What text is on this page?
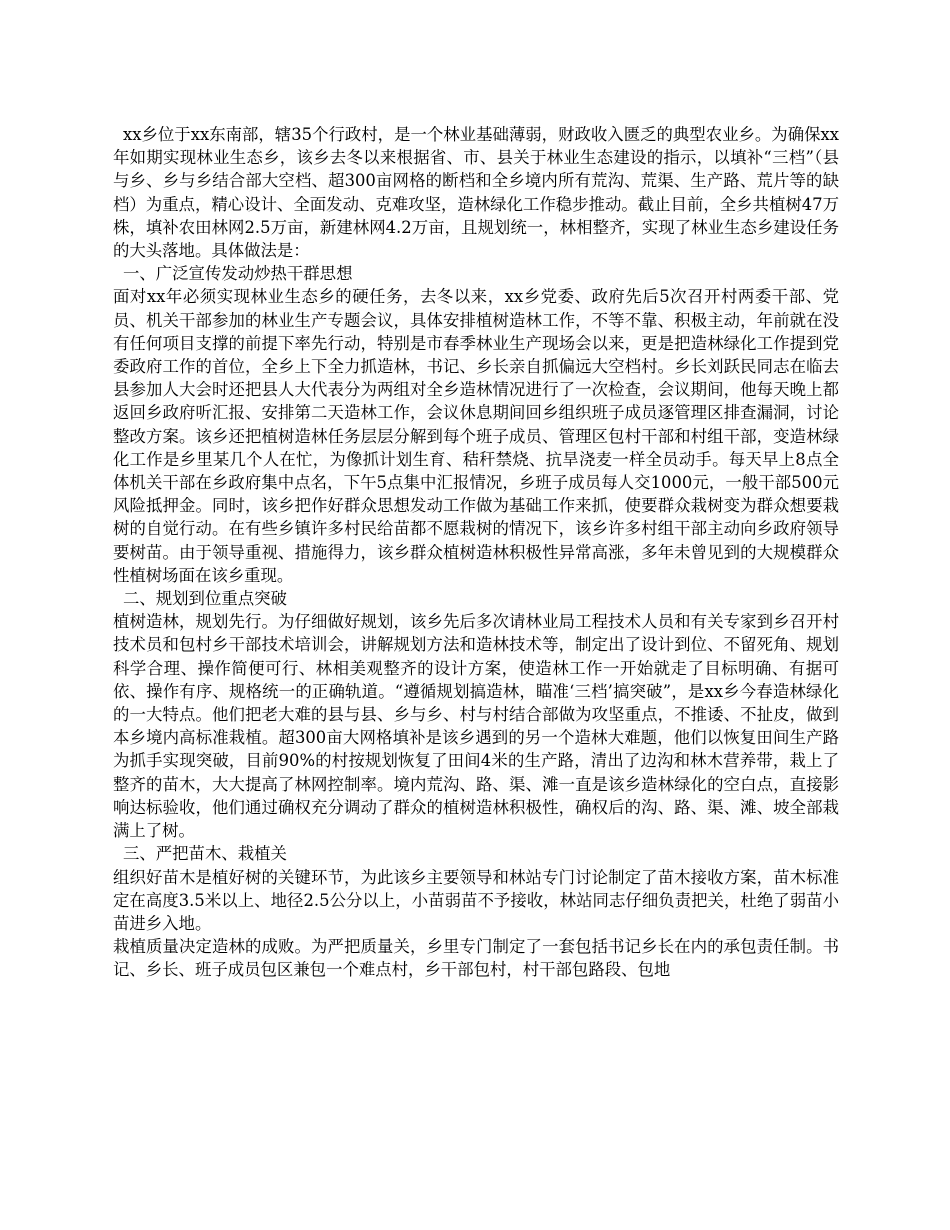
xx乡位于xx东南部，辖35个行政村，是一个林业基础薄弱，财政收入匮乏的典型农业乡。为确保xx年如期实现林业生态乡，该乡去冬以来根据省、市、县关于林业生态建设的指示，以填补“三档”（县与乡、乡与乡结合部大空档、超300亩网格的断档和全乡境内所有荒沟、荒渠、生产路、荒片等的缺档）为重点，精心设计、全面发动、克难攻坚，造林绿化工作稳步推动。截止目前，全乡共植树47万株，填补农田林网2.5万亩，新建林网4.2万亩，且规划统一，林相整齐，实现了林业生态乡建设任务的大头落地。具体做法是：

一、广泛宣传发动炒热干群思想

面对xx年必须实现林业生态乡的硬任务，去冬以来，xx乡党委、政府先后5次召开村两委干部、党员、机关干部参加的林业生产专题会议，具体安排植树造林工作，不等不靠、积极主动，年前就在没有任何项目支撑的前提下率先行动，特别是市春季林业生产现场会以来，更是把造林绿化工作提到党委政府工作的首位，全乡上下全力抓造林，书记、乡长亲自抓偏远大空档村。乡长刘跃民同志在临去县参加人大会时还把县人大代表分为两组对全乡造林情况进行了一次检查，会议期间，他每天晚上都返回乡政府听汇报、安排第二天造林工作，会议休息期间回乡组织班子成员逐管理区排查漏洞，讨论整改方案。该乡还把植树造林任务层层分解到每个班子成员、管理区包村干部和村组干部，变造林绿化工作是乡里某几个人在忙，为像抓计划生育、秸秆禁烧、抗旱浇麦一样全员动手。每天早上8点全体机关干部在乡政府集中点名，下午5点集中汇报情况，乡班子成员每人交1000元，一般干部500元风险抵押金。同时，该乡把作好群众思想发动工作做为基础工作来抓，使要群众栽树变为群众想要栽树的自觉行动。在有些乡镇许多村民给苗都不愿栽树的情况下，该乡许多村组干部主动向乡政府领导要树苗。由于领导重视、措施得力，该乡群众植树造林积极性异常高涨，多年未曾见到的大规模群众性植树场面在该乡重现。

二、规划到位重点突破

植树造林，规划先行。为仔细做好规划，该乡先后多次请林业局工程技术人员和有关专家到乡召开村技术员和包村乡干部技术培训会，讲解规划方法和造林技术等，制定出了设计到位、不留死角、规划科学合理、操作简便可行、林相美观整齐的设计方案，使造林工作一开始就走了目标明确、有据可依、操作有序、规格统一的正确轨道。“遵循规划搞造林，瞄准‘三档’搞突破”，是xx乡今春造林绿化的一大特点。他们把老大难的县与县、乡与乡、村与村结合部做为攻坚重点，不推诿、不扯皮，做到本乡境内高标准栽植。超300亩大网格填补是该乡遇到的另一个造林大难题，他们以恢复田间生产路为抓手实现突破，目前90%的村按规划恢复了田间4米的生产路，清出了边沟和林木营养带，栽上了整齐的苗木，大大提高了林网控制率。境内荒沟、路、渠、滩一直是该乡造林绿化的空白点，直接影响达标验收，他们通过确权充分调动了群众的植树造林积极性，确权后的沟、路、渠、滩、坡全部栽满上了树。

三、严把苗木、栽植关

组织好苗木是植好树的关键环节，为此该乡主要领导和林站专门讨论制定了苗木接收方案，苗木标准定在高度3.5米以上、地径2.5公分以上，小苗弱苗不予接收，林站同志仔细负责把关，杜绝了弱苗小苗进乡入地。

栽植质量决定造林的成败。为严把质量关，乡里专门制定了一套包括书记乡长在内的承包责任制。书记、乡长、班子成员包区兼包一个难点村，乡干部包村，村干部包路段、包地
